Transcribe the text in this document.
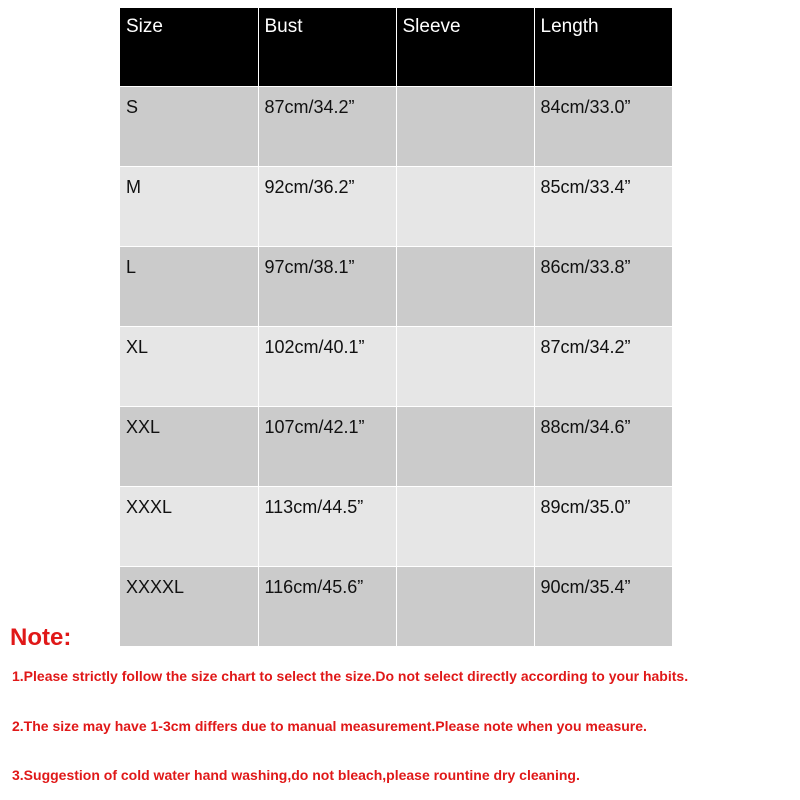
Size	Bust	Sleeve	Length
S	87cm/34.2”		84cm/33.0”
M	92cm/36.2”		85cm/33.4”
L	97cm/38.1”		86cm/33.8”
XL	102cm/40.1”		87cm/34.2”
XXL	107cm/42.1”		88cm/34.6”
XXXL	113cm/44.5”		89cm/35.0”
XXXXL	116cm/45.6”		90cm/35.4”
Note:

1.Please strictly follow the size chart to select the size.Do not select directly according to your habits.

2.The size may have 1-3cm differs due to manual measurement.Please note when you measure.

3.Suggestion of cold water hand washing,do not bleach,please rountine dry cleaning.
